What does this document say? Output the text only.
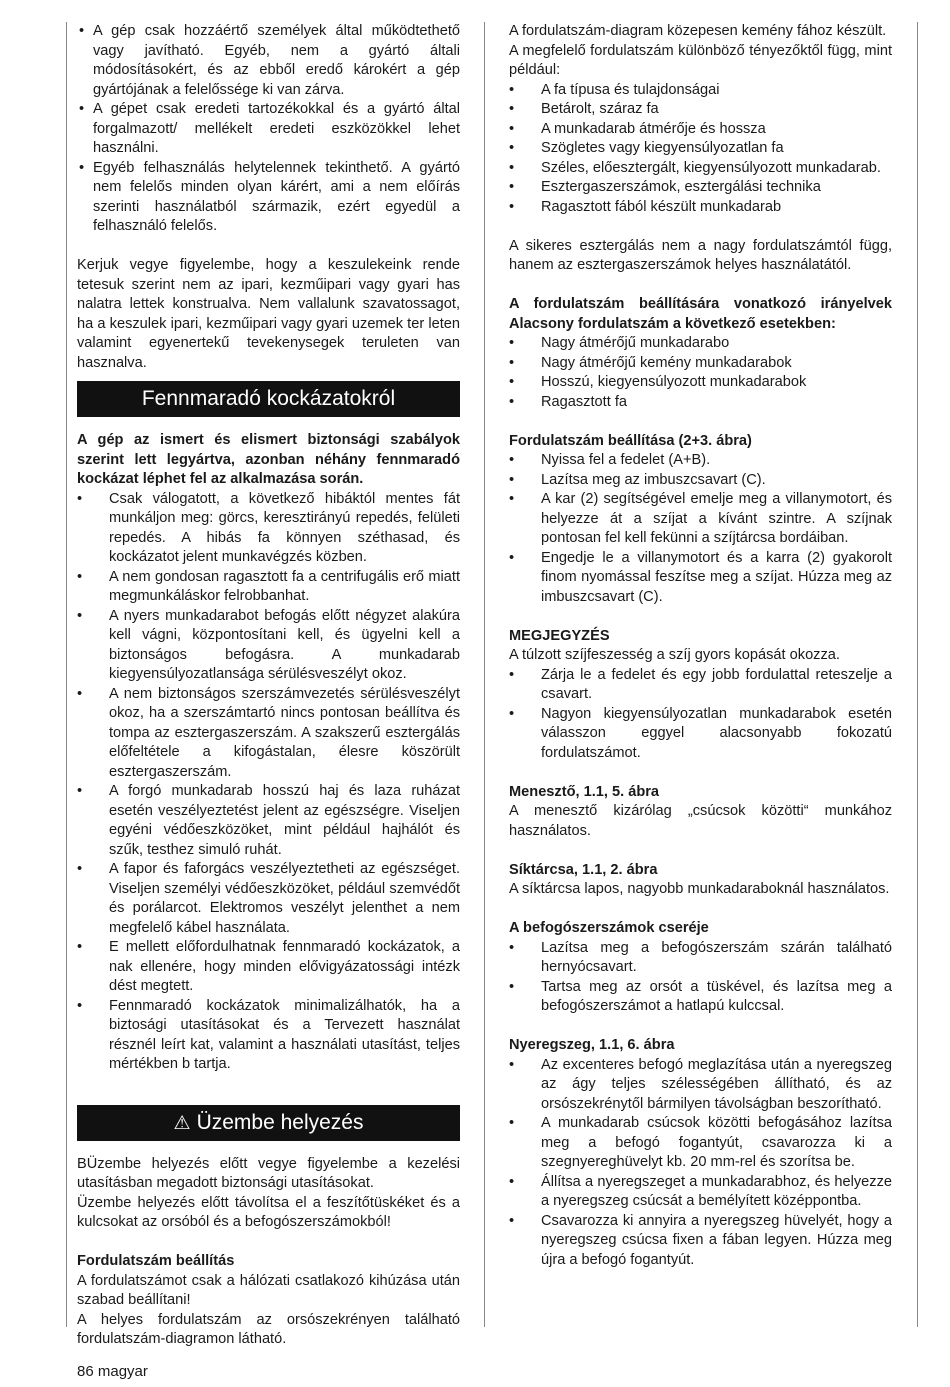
• A gép csak hozzáértő személyek által működtethető vagy javítható. Egyéb, nem a gyártó általi módosításokért, és az ebből eredő károkért a gép gyártójának a felelőssége ki van zárva.
• A gépet csak eredeti tartozékokkal és a gyártó által forgalmazott/ mellékelt eredeti eszközökkel lehet használni.
• Egyéb felhasználás helytelennek tekinthető. A gyártó nem felelős minden olyan kárért, ami a nem előírás szerinti használatból származik, ezért egyedül a felhasználó felelős.

Kerjuk vegye figyelembe, hogy a keszulekeink rende tetesuk szerint nem az ipari, kezműipari vagy gyari has nalatra lettek konstrualva. Nem vallalunk szavatossagot, ha a keszulek ipari, kezműipari vagy gyari uzemek ter leten valamint egyenertekű tevekenysegek teruleten van hasznalva.

Fennmaradó kockázatokról

A gép az ismert és elismert biztonsági szabályok szerint lett legyártva, azonban néhány fennmaradó kockázat léphet fel az alkalmazása során.

• Csak válogatott, a következő hibáktól mentes fát munkáljon meg: görcs, keresztirányú repedés, felületi repedés. A hibás fa könnyen széthasad, és kockázatot jelent munkavégzés közben.
• A nem gondosan ragasztott fa a centrifugális erő miatt megmunkáláskor felrobbanhat.
• A nyers munkadarabot befogás előtt négyzet alakúra kell vágni, központosítani kell, és ügyelni kell a biztonságos befogásra. A munkadarab kiegyensúlyozatlansága sérülésveszélyt okoz.
• A nem biztonságos szerszámvezetés sérülésveszélyt okoz, ha a szerszámtartó nincs pontosan beállítva és tompa az esztergaszerszám. A szakszerű esztergálás előfeltétele a kifogástalan, élesre köszörült esztergaszerszám.
• A forgó munkadarab hosszú haj és laza ruházat esetén veszélyeztetést jelent az egészségre. Viseljen egyéni védőeszközöket, mint például hajhálót és szűk, testhez simuló ruhát.
• A fapor és faforgács veszélyeztetheti az egészséget. Viseljen személyi védőeszközöket, például szemvédőt és porálarcot. Elektromos veszélyt jelenthet a nem megfelelő kábel használata.
• E mellett előfordulhatnak fennmaradó kockázatok, a nak ellenére, hogy minden elővigyázatossági intézk dést megtett.
• Fennmaradó kockázatok minimalizálhatók, ha a biztosági utasításokat és a Tervezett használat résznél leírt kat, valamint a használati utasítást, teljes mértékben b tartja.
⚠ Üzembe helyezés

BÜzembe helyezés előtt vegye figyelembe a kezelési utasításban megadott biztonsági utasításokat.

Üzembe helyezés előtt távolítsa el a feszítőtüskéket és a kulcsokat az orsóból és a befogószerszámokból!

Fordulatszám beállítás

A fordulatszámot csak a hálózati csatlakozó kihúzása után szabad beállítani!

A helyes fordulatszám az orsószekrényen található fordulatszám-diagramon látható.

A fordulatszám-diagram közepesen kemény fához készült.

A megfelelő fordulatszám különböző tényezőktől függ, mint például:

• A fa típusa és tulajdonságai
• Betárolt, száraz fa
• A munkadarab átmérője és hossza
• Szögletes vagy kiegyensúlyozatlan fa
• Széles, előesztergált, kiegyensúlyozott munkadarab.
• Esztergaszerszámok, esztergálási technika
• Ragasztott fából készült munkadarab

A sikeres esztergálás nem a nagy fordulatszámtól függ, hanem az esztergaszerszámok helyes használatától.

A fordulatszám beállítására vonatkozó irányelvek Alacsony fordulatszám a következő esetekben:

• Nagy átmérőjű munkadarabo
• Nagy átmérőjű kemény munkadarabok
• Hosszú, kiegyensúlyozott munkadarabok
• Ragasztott fa

Fordulatszám beállítása (2+3. ábra)

• Nyissa fel a fedelet (A+B).
• Lazítsa meg az imbuszcsavart (C).
• A kar (2) segítségével emelje meg a villanymotort, és helyezze át a szíjat a kívánt szintre. A szíjnak pontosan fel kell fekünni a szíjtárcsa bordáiban.
• Engedje le a villanymotort és a karra (2) gyakorolt finom nyomással feszítse meg a szíjat. Húzza meg az imbuszcsavart (C).

MEGJEGYZÉS

A túlzott szíjfeszesség a szíj gyors kopását okozza.

• Zárja le a fedelet és egy jobb fordulattal reteszelje a csavart.
• Nagyon kiegyensúlyozatlan munkadarabok esetén válasszon eggyel alacsonyabb fokozatú fordulatszámot.

Menesztő, 1.1, 5. ábra

A menesztő kizárólag „csúcsok közötti“ munkához használatos.

Síktárcsa, 1.1, 2. ábra

A síktárcsa lapos, nagyobb munkadaraboknál használatos.

A befogószerszámok cseréje

• Lazítsa meg a befogószerszám szárán található hernyócsavart.
• Tartsa meg az orsót a tüskével, és lazítsa meg a befogószerszámot a hatlapú kulccsal.

Nyeregszeg, 1.1, 6. ábra

• Az excenteres befogó meglazítása után a nyeregszeg az ágy teljes szélességében állítható, és az orsószekrénytől bármilyen távolságban beszorítható.
• A munkadarab csúcsok közötti befogásához lazítsa meg a befogó fogantyút, csavarozza ki a szegnyereghüvelyt kb. 20 mm-rel és szorítsa be.
• Állítsa a nyeregszeget a munkadarabhoz, és helyezze a nyeregszeg csúcsát a bemélyített középpontba.
• Csavarozza ki annyira a nyeregszeg hüvelyét, hogy a nyeregszeg csúcsa fixen a fában legyen. Húzza meg újra a befogó fogantyút.
86 magyar
